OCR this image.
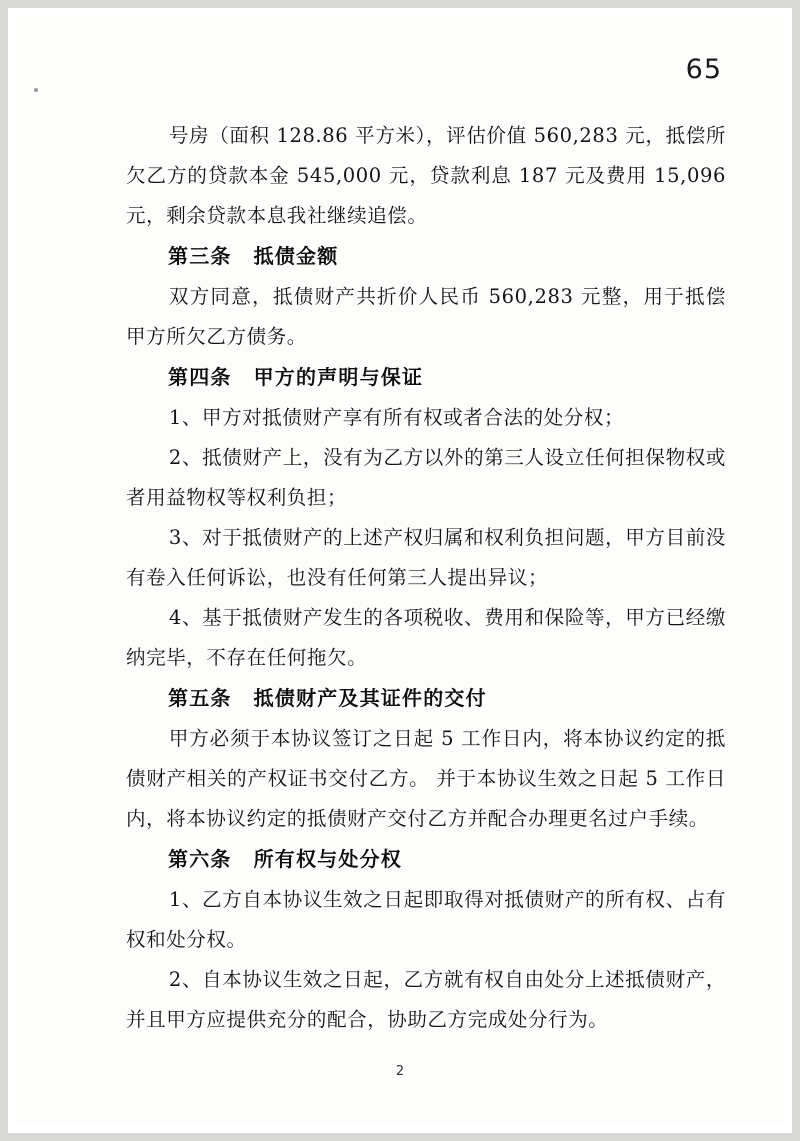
65

号房（面积 128.86 平方米），评估价值 560,283 元，抵偿所欠乙方的贷款本金 545,000 元，贷款利息 187 元及费用 15,096 元，剩余贷款本息我社继续追偿。

第三条 抵债金额

双方同意，抵债财产共折价人民币 560,283 元整，用于抵偿甲方所欠乙方债务。

第四条 甲方的声明与保证

1、甲方对抵债财产享有所有权或者合法的处分权；

2、抵债财产上，没有为乙方以外的第三人设立任何担保物权或者用益物权等权利负担；

3、对于抵债财产的上述产权归属和权利负担问题，甲方目前没有卷入任何诉讼，也没有任何第三人提出异议；

4、基于抵债财产发生的各项税收、费用和保险等，甲方已经缴纳完毕，不存在任何拖欠。

第五条 抵债财产及其证件的交付

甲方必须于本协议签订之日起 5 工作日内，将本协议约定的抵债财产相关的产权证书交付乙方。 并于本协议生效之日起 5 工作日内，将本协议约定的抵债财产交付乙方并配合办理更名过户手续。

第六条 所有权与处分权

1、乙方自本协议生效之日起即取得对抵债财产的所有权、占有权和处分权。

2、自本协议生效之日起，乙方就有权自由处分上述抵债财产，并且甲方应提供充分的配合，协助乙方完成处分行为。

2
